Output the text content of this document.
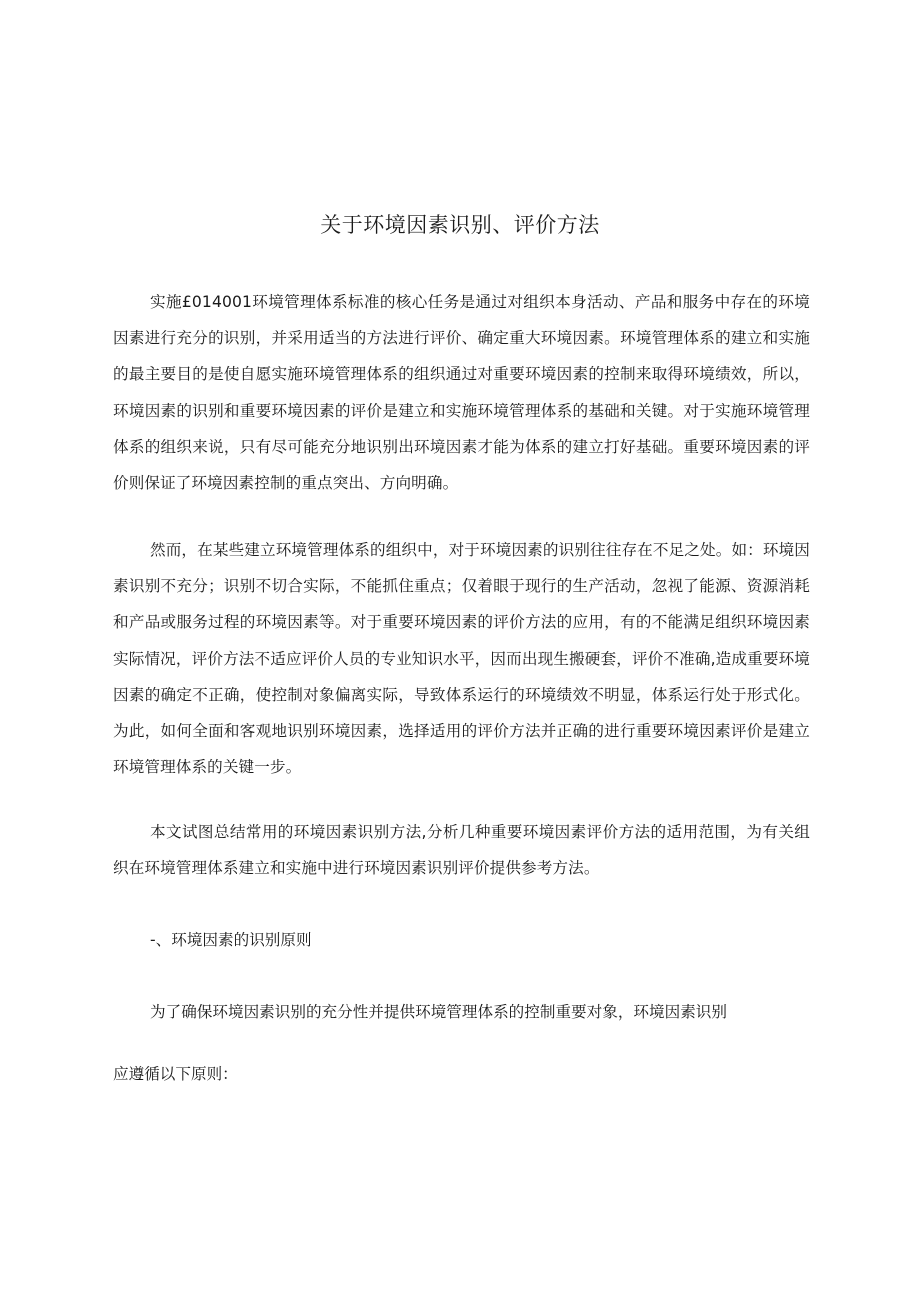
关于环境因素识别、评价方法

实施£014001环境管理体系标准的核心任务是通过对组织本身活动、产品和服务中存在的环境因素进行充分的识别，并采用适当的方法进行评价、确定重大环境因素。环境管理体系的建立和实施的最主要目的是使自愿实施环境管理体系的组织通过对重要环境因素的控制来取得环境绩效，所以，环境因素的识别和重要环境因素的评价是建立和实施环境管理体系的基础和关键。对于实施环境管理体系的组织来说，只有尽可能充分地识别出环境因素才能为体系的建立打好基础。重要环境因素的评价则保证了环境因素控制的重点突出、方向明确。

然而，在某些建立环境管理体系的组织中，对于环境因素的识别往往存在不足之处。如：环境因素识别不充分；识别不切合实际，不能抓住重点；仅着眼于现行的生产活动，忽视了能源、资源消耗和产品或服务过程的环境因素等。对于重要环境因素的评价方法的应用，有的不能满足组织环境因素实际情况，评价方法不适应评价人员的专业知识水平，因而出现生搬硬套，评价不准确,造成重要环境因素的确定不正确，使控制对象偏离实际，导致体系运行的环境绩效不明显，体系运行处于形式化。为此，如何全面和客观地识别环境因素，选择适用的评价方法并正确的进行重要环境因素评价是建立环境管理体系的关键一步。

本文试图总结常用的环境因素识别方法,分析几种重要环境因素评价方法的适用范围，为有关组织在环境管理体系建立和实施中进行环境因素识别评价提供参考方法。

-、环境因素的识别原则

为了确保环境因素识别的充分性并提供环境管理体系的控制重要对象，环境因素识别

应遵循以下原则：
